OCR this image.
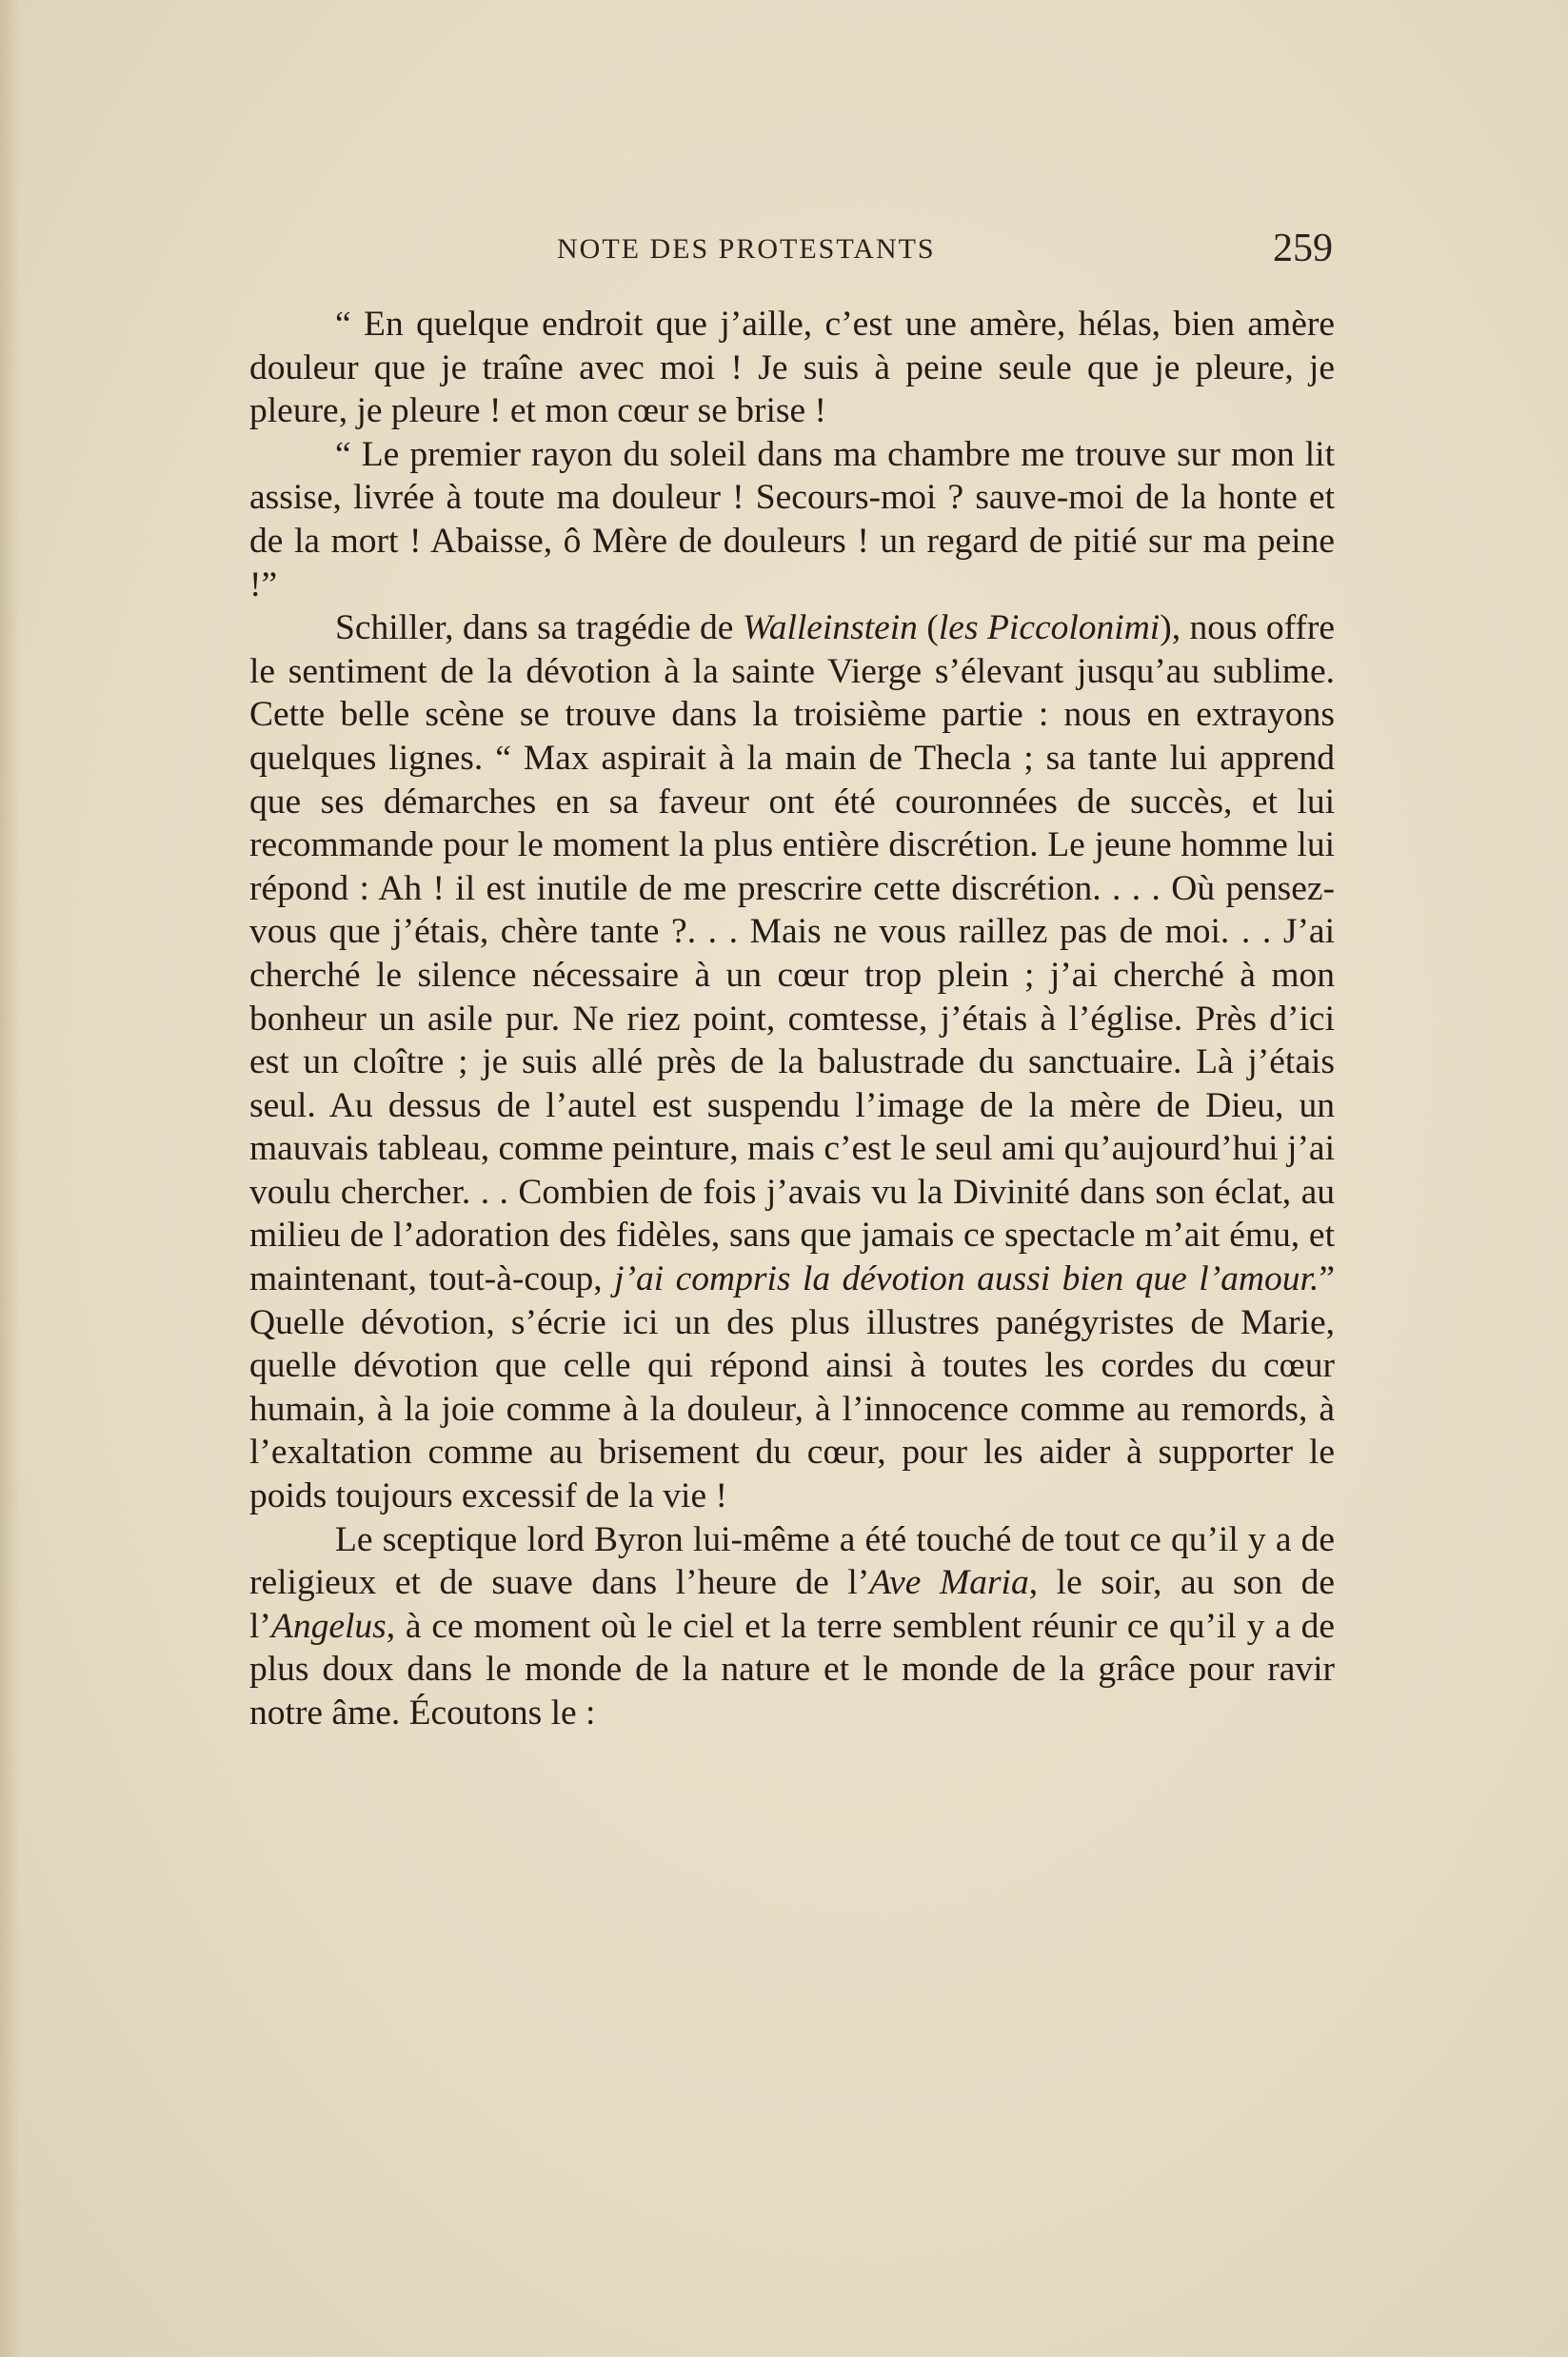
NOTE DES PROTESTANTS	259

“ En quelque endroit que j’aille, c’est une amère, hélas, bien amère douleur que je traîne avec moi ! Je suis à peine seule que je pleure, je pleure, je pleure ! et mon cœur se brise !

“ Le premier rayon du soleil dans ma chambre me trouve sur mon lit assise, livrée à toute ma douleur ! Secours-moi ? sauve-moi de la honte et de la mort ! Abaisse, ô Mère de douleurs ! un regard de pitié sur ma peine !”

Schiller, dans sa tragédie de Walleinstein (les Piccolonimi), nous offre le sentiment de la dévotion à la sainte Vierge s’élevant jusqu’au sublime. Cette belle scène se trouve dans la troisième partie : nous en extrayons quelques lignes. “ Max aspirait à la main de Thecla ; sa tante lui apprend que ses démarches en sa faveur ont été couronnées de succès, et lui recommande pour le moment la plus entière discrétion. Le jeune homme lui répond : Ah ! il est inutile de me prescrire cette discrétion. . . . Où pensez-vous que j’étais, chère tante ?. . . Mais ne vous raillez pas de moi. . . J’ai cherché le silence nécessaire à un cœur trop plein ; j’ai cherché à mon bonheur un asile pur. Ne riez point, comtesse, j’étais à l’église. Près d’ici est un cloître ; je suis allé près de la balustrade du sanctuaire. Là j’étais seul. Au dessus de l’autel est suspendu l’image de la mère de Dieu, un mauvais tableau, comme peinture, mais c’est le seul ami qu’aujourd’hui j’ai voulu chercher. . . Combien de fois j’avais vu la Divinité dans son éclat, au milieu de l’adoration des fidèles, sans que jamais ce spectacle m’ait ému, et maintenant, tout-à-coup, j’ai compris la dévotion aussi bien que l’amour.” Quelle dévotion, s’écrie ici un des plus illustres panégyristes de Marie, quelle dévotion que celle qui répond ainsi à toutes les cordes du cœur humain, à la joie comme à la douleur, à l’innocence comme au remords, à l’exaltation comme au brisement du cœur, pour les aider à supporter le poids toujours excessif de la vie !

Le sceptique lord Byron lui-même a été touché de tout ce qu’il y a de religieux et de suave dans l’heure de l’Ave Maria, le soir, au son de l’Angelus, à ce moment où le ciel et la terre semblent réunir ce qu’il y a de plus doux dans le monde de la nature et le monde de la grâce pour ravir notre âme. Écoutons le :
